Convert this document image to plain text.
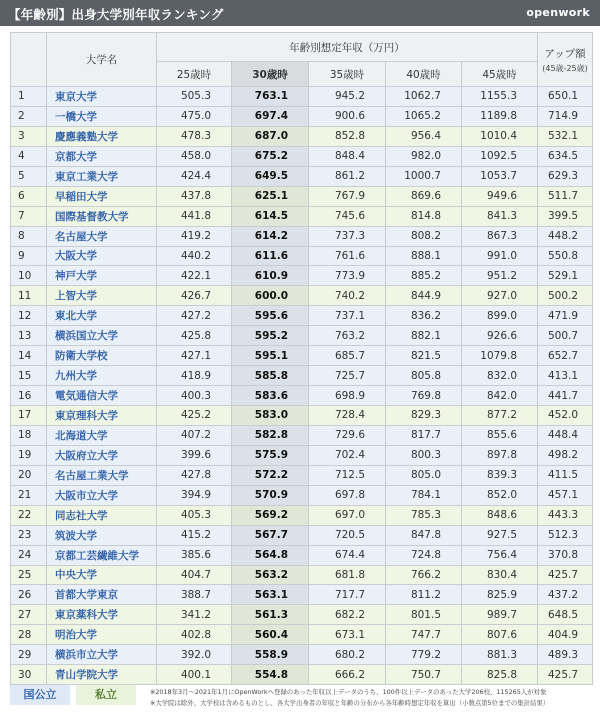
【年齢別】出身大学別年収ランキング	openwork
	大学名	年齢別想定年収（万円）					アップ額
(45歳-25歳)

		25歳時	30歳時	35歳時	40歳時	45歳時	
1	東京大学	505.3	763.1	945.2	1062.7	1155.3	650.1
2	一橋大学	475.0	697.4	900.6	1065.2	1189.8	714.9
3	慶應義塾大学	478.3	687.0	852.8	956.4	1010.4	532.1
4	京都大学	458.0	675.2	848.4	982.0	1092.5	634.5
5	東京工業大学	424.4	649.5	861.2	1000.7	1053.7	629.3
6	早稲田大学	437.8	625.1	767.9	869.6	949.6	511.7
7	国際基督教大学	441.8	614.5	745.6	814.8	841.3	399.5
8	名古屋大学	419.2	614.2	737.3	808.2	867.3	448.2
9	大阪大学	440.2	611.6	761.6	888.1	991.0	550.8
10	神戸大学	422.1	610.9	773.9	885.2	951.2	529.1
11	上智大学	426.7	600.0	740.2	844.9	927.0	500.2
12	東北大学	427.2	595.6	737.1	836.2	899.0	471.9
13	横浜国立大学	425.8	595.2	763.2	882.1	926.6	500.7
14	防衛大学校	427.1	595.1	685.7	821.5	1079.8	652.7
15	九州大学	418.9	585.8	725.7	805.8	832.0	413.1
16	電気通信大学	400.3	583.6	698.9	769.8	842.0	441.7
17	東京理科大学	425.2	583.0	728.4	829.3	877.2	452.0
18	北海道大学	407.2	582.8	729.6	817.7	855.6	448.4
19	大阪府立大学	399.6	575.9	702.4	800.3	897.8	498.2
20	名古屋工業大学	427.8	572.2	712.5	805.0	839.3	411.5
21	大阪市立大学	394.9	570.9	697.8	784.1	852.0	457.1
22	同志社大学	405.3	569.2	697.0	785.3	848.6	443.3
23	筑波大学	415.2	567.7	720.5	847.8	927.5	512.3
24	京都工芸繊維大学	385.6	564.8	674.4	724.8	756.4	370.8
25	中央大学	404.7	563.2	681.8	766.2	830.4	425.7
26	首都大学東京	388.7	563.1	717.7	811.2	825.9	437.2
27	東京薬科大学	341.2	561.3	682.2	801.5	989.7	648.5
28	明治大学	402.8	560.4	673.1	747.7	807.6	404.9
29	横浜市立大学	392.0	558.9	680.2	779.2	881.3	489.3
30	青山学院大学	400.1	554.8	666.2	750.7	825.8	425.7
国公立	私立	※2018年3月〜2021年1月にOpenWorkへ登録のあった年収以上データのうち、100件以上データのあった大学206校、115265人が対象
※大学院は除外、大学校は含めるものとし、各大学出身者の年収と年齢の分布から各年齢時想定年収を算出（小数点第5位までの集計結果）
